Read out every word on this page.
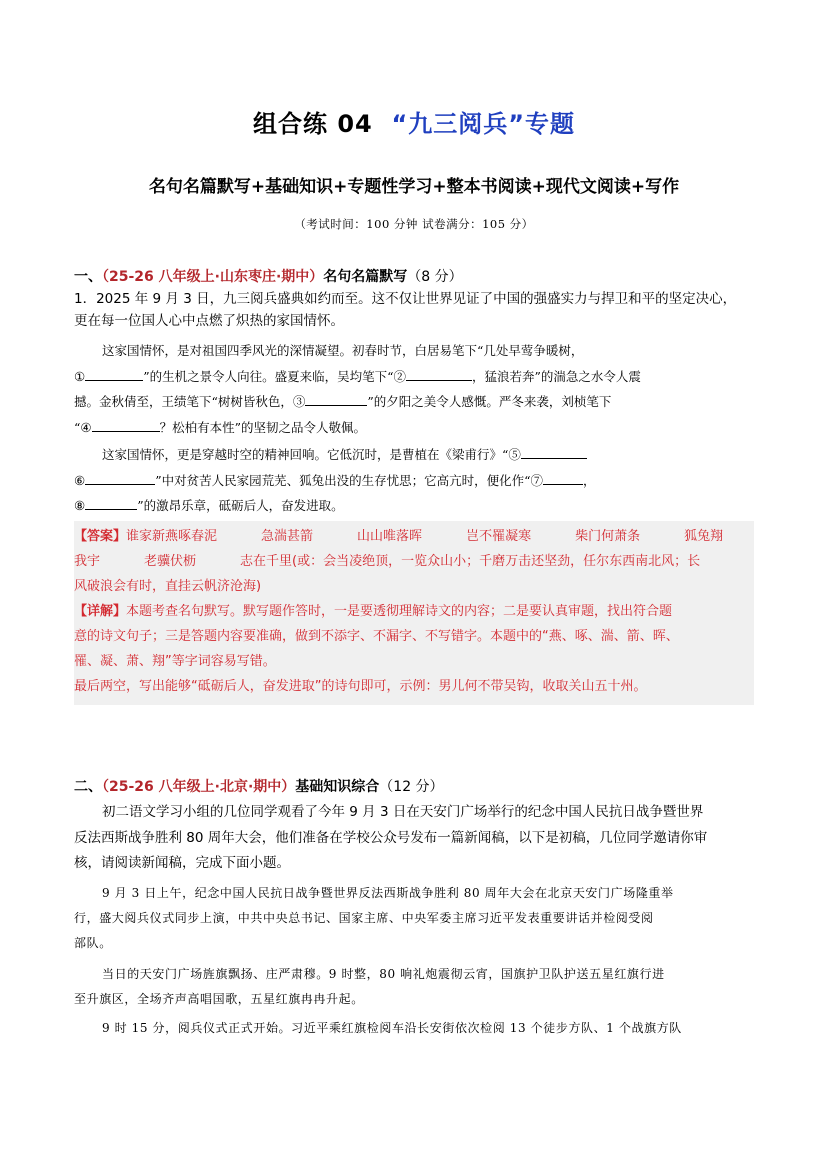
组合练 04 “九三阅兵”专题
名句名篇默写+基础知识+专题性学习+整本书阅读+现代文阅读+写作
（考试时间：100 分钟 试卷满分：105 分）
一、（25-26 八年级上·山东枣庄·期中）名句名篇默写（8 分）
1．2025 年 9 月 3 日，九三阅兵盛典如约而至。这不仅让世界见证了中国的强盛实力与捍卫和平的坚定决心，
更在每一位国人心中点燃了炽热的家国情怀。

这家国情怀，是对祖国四季风光的深情凝望。初春时节，白居易笔下“几处早莺争暖树，

①	”的生机之景令人向往。盛夏来临，吴均笔下“②	，猛浪若奔”的湍急之水令人震

撼。金秋倩至，王绩笔下“树树皆秋色，③	”的夕阳之美令人感慨。严冬来袭，刘桢笔下

“④	？松柏有本性”的坚韧之品令人敬佩。

这家国情怀，更是穿越时空的精神回响。它低沉时，是曹植在《梁甫行》“⑤

⑥	”中对贫苦人民家园荒芜、狐兔出没的生存忧思；它高亢时，便化作“⑦	，

⑧	”的激昂乐章，砥砺后人，奋发进取。

【答案】谁家新燕啄春泥	急湍甚箭	山山唯落晖	岂不罹凝寒	柴门何萧条	狐兔翔
我宇	老骥伏枥	志在千里(或：会当凌绝顶，一览众山小；千磨万击还坚劲，任尔东西南北风；长
风破浪会有时，直挂云帆济沧海)
【详解】本题考查名句默写。默写题作答时，一是要透彻理解诗文的内容；二是要认真审题，找出符合题
意的诗文句子；三是答题内容要准确，做到不添字、不漏字、不写错字。本题中的“燕、啄、湍、箭、晖、
罹、凝、萧、翔”等字词容易写错。
最后两空，写出能够“砥砺后人，奋发进取”的诗句即可，示例：男儿何不带吴钩，收取关山五十州。
二、（25-26 八年级上·北京·期中）基础知识综合（12 分）

初二语文学习小组的几位同学观看了今年 9 月 3 日在天安门广场举行的纪念中国人民抗日战争暨世界

反法西斯战争胜利 80 周年大会，他们准备在学校公众号发布一篇新闻稿，以下是初稿，几位同学邀请你审

核，请阅读新闻稿，完成下面小题。

9 月 3 日上午，纪念中国人民抗日战争暨世界反法西斯战争胜利 80 周年大会在北京天安门广场隆重举

行，盛大阅兵仪式同步上演，中共中央总书记、国家主席、中央军委主席习近平发表重要讲话并检阅受阅

部队。

当日的天安门广场旌旗飘扬、庄严肃穆。9 时整，80 响礼炮震彻云宵，国旗护卫队护送五星红旗行进

至升旗区，全场齐声高唱国歌，五星红旗冉冉升起。

9 时 15 分，阅兵仪式正式开始。习近平乘红旗检阅车沿长安街依次检阅 13 个徒步方队、1 个战旗方队
